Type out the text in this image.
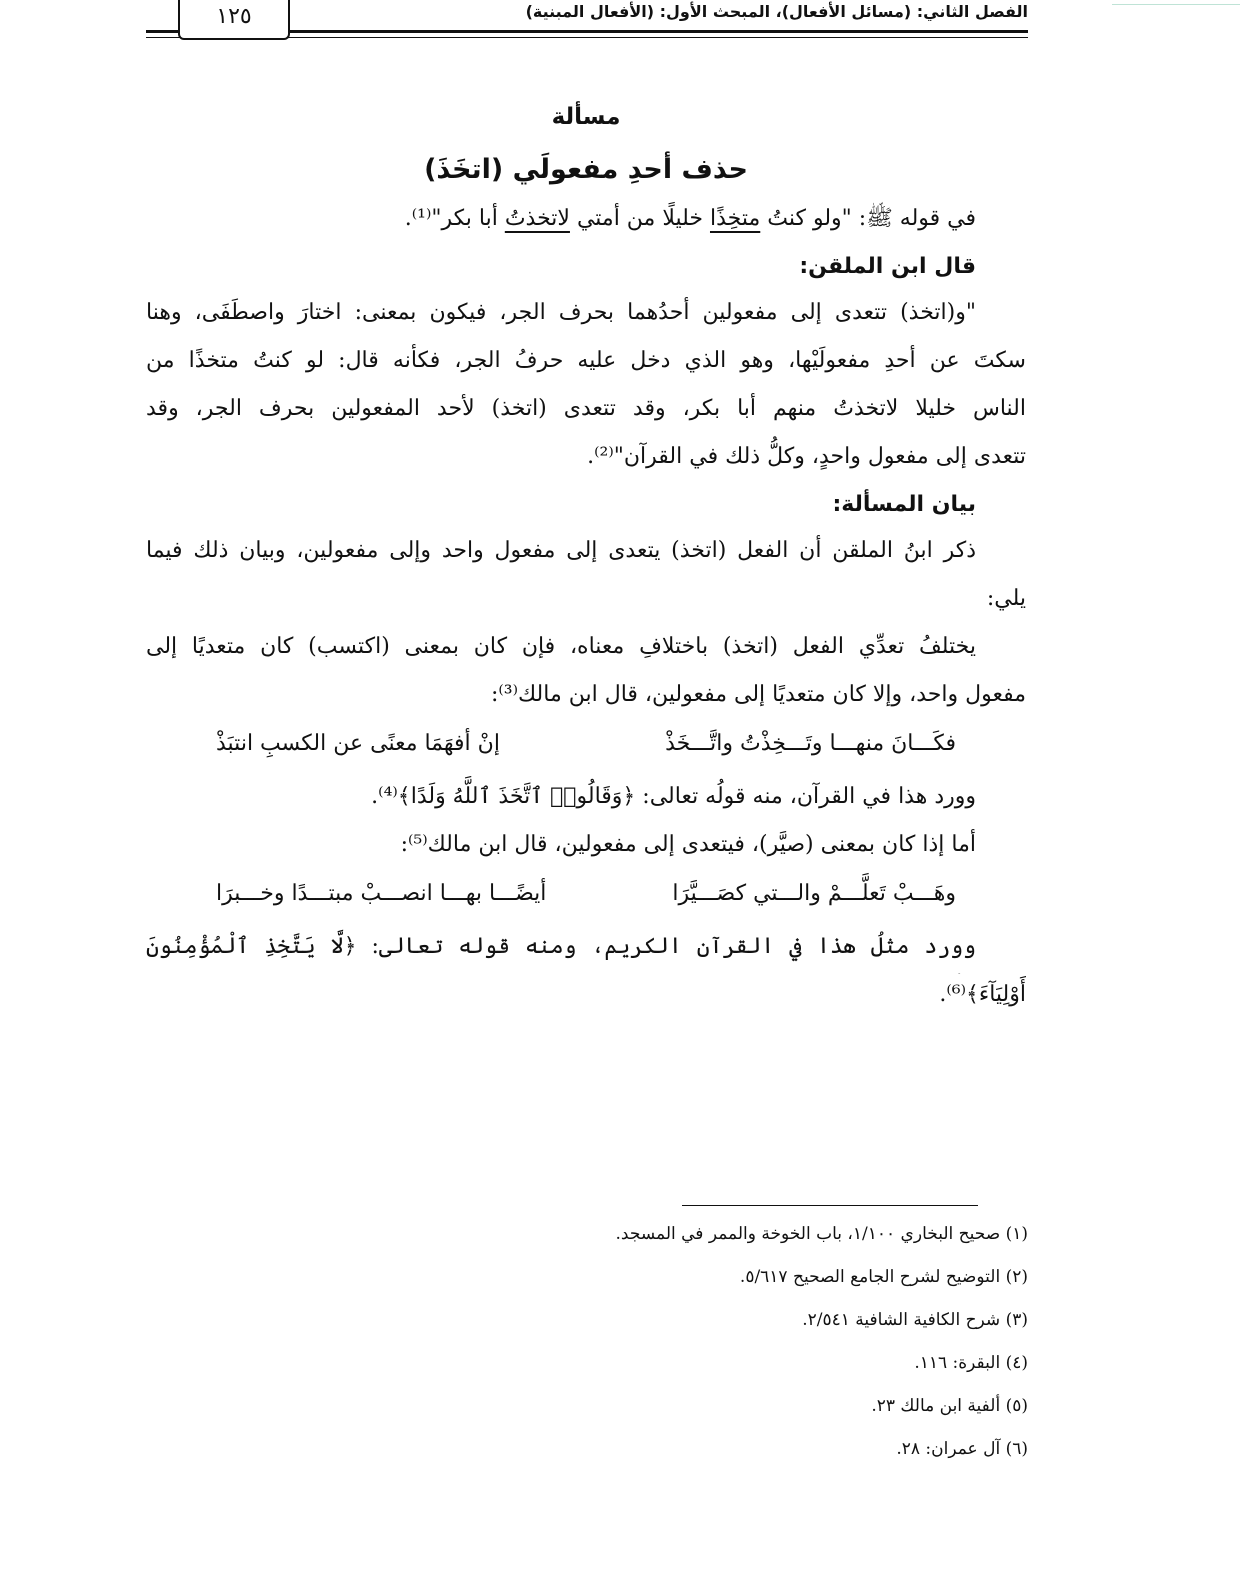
الفصل الثاني: (مسائل الأفعال)، المبحث الأول: (الأفعال المبنية)
١٢٥
مسألة
حذف أحدِ مفعولَي (اتخَذَ)
في قوله ﷺ: "ولو كنتُ متخِذًا خليلًا من أمتي لاتخذتُ أبا بكر"⁽¹⁾.
قال ابن الملقن:
"و(اتخذ) تتعدى إلى مفعولين أحدُهما بحرف الجر، فيكون بمعنى: اختارَ واصطَفَى، وهنا
سكتَ عن أحدِ مفعولَيْها، وهو الذي دخل عليه حرفُ الجر، فكأنه قال: لو كنتُ متخذًا من
الناس خليلا لاتخذتُ منهم أبا بكر، وقد تتعدى (اتخذ) لأحد المفعولين بحرف الجر، وقد
تتعدى إلى مفعول واحدٍ، وكلُّ ذلك في القرآن"⁽²⁾.
بيان المسألة:
ذكر ابنُ الملقن أن الفعل (اتخذ) يتعدى إلى مفعول واحد وإلى مفعولين، وبيان ذلك فيما
يلي:
يختلفُ تعدِّي الفعل (اتخذ) باختلافِ معناه، فإن كان بمعنى (اكتسب) كان متعديًا إلى
مفعول واحد، وإلا كان متعديًا إلى مفعولين، قال ابن مالك⁽³⁾:
فكَـــانَ منهـــا وتَـــخِذْتُ واتَّـــخَذْ
إنْ أفهَمَا معنًى عن الكسبِ انتبَذْ
وورد هذا في القرآن، منه قولُه تعالى: ﴿وَقَالُوا۟ ٱتَّخَذَ ٱللَّهُ وَلَدًا﴾⁽⁴⁾.
أما إذا كان بمعنى (صيَّر)، فيتعدى إلى مفعولين، قال ابن مالك⁽⁵⁾:
وهَـــبْ تَعلَّـــمْ والـــتي كصَـــيَّرَا
أيضًـــا بهـــا انصـــبْ مبتـــدًا وخـــبرَا
وورد مثلُ هذا في القرآن الكريم، ومنه قوله تعالى: ﴿لَّا يَتَّخِذِ ٱلْمُؤْمِنُونَ
أَوْلِيَآءَ﴾⁽⁶⁾.
(١) صحيح البخاري ١/١٠٠، باب الخوخة والممر في المسجد.
(٢) التوضيح لشرح الجامع الصحيح ٥/٦١٧.
(٣) شرح الكافية الشافية ٢/٥٤١.
(٤) البقرة: ١١٦.
(٥) ألفية ابن مالك ٢٣.
(٦) آل عمران: ٢٨.
